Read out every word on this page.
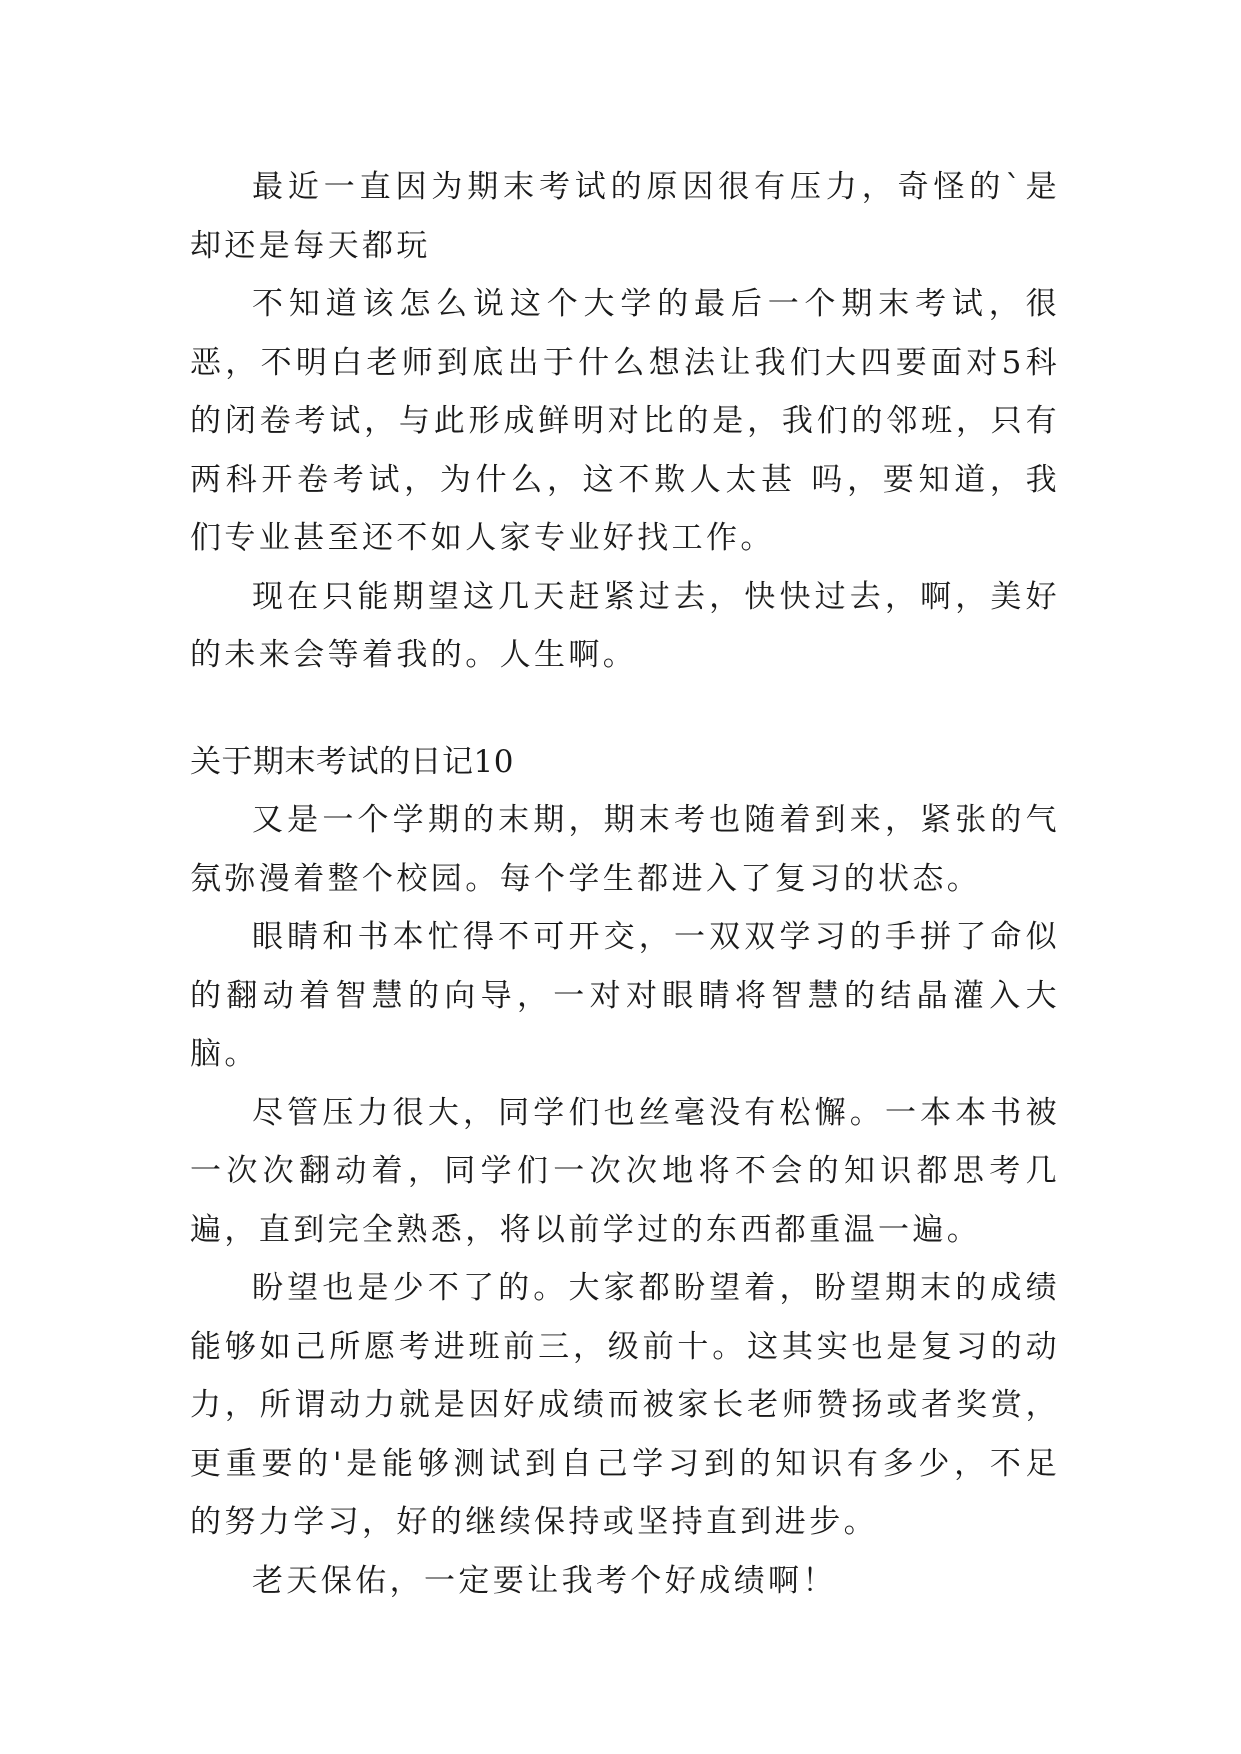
最近一直因为期末考试的原因很有压力，奇怪的`是却还是每天都玩

不知道该怎么说这个大学的最后一个期末考试，很恶，不明白老师到底出于什么想法让我们大四要面对5科的闭卷考试，与此形成鲜明对比的是，我们的邻班，只有两科开卷考试，为什么，这不欺人太甚 吗，要知道，我们专业甚至还不如人家专业好找工作。

现在只能期望这几天赶紧过去，快快过去，啊，美好的未来会等着我的。人生啊。

关于期末考试的日记10

又是一个学期的末期，期末考也随着到来，紧张的气氛弥漫着整个校园。每个学生都进入了复习的状态。

眼睛和书本忙得不可开交，一双双学习的手拼了命似的翻动着智慧的向导，一对对眼睛将智慧的结晶灌入大脑。

尽管压力很大，同学们也丝毫没有松懈。一本本书被一次次翻动着，同学们一次次地将不会的知识都思考几遍，直到完全熟悉，将以前学过的东西都重温一遍。

盼望也是少不了的。大家都盼望着，盼望期末的成绩能够如己所愿考进班前三，级前十。这其实也是复习的动力，所谓动力就是因好成绩而被家长老师赞扬或者奖赏，更重要的'是能够测试到自己学习到的知识有多少，不足的努力学习，好的继续保持或坚持直到进步。

老天保佑，一定要让我考个好成绩啊！
